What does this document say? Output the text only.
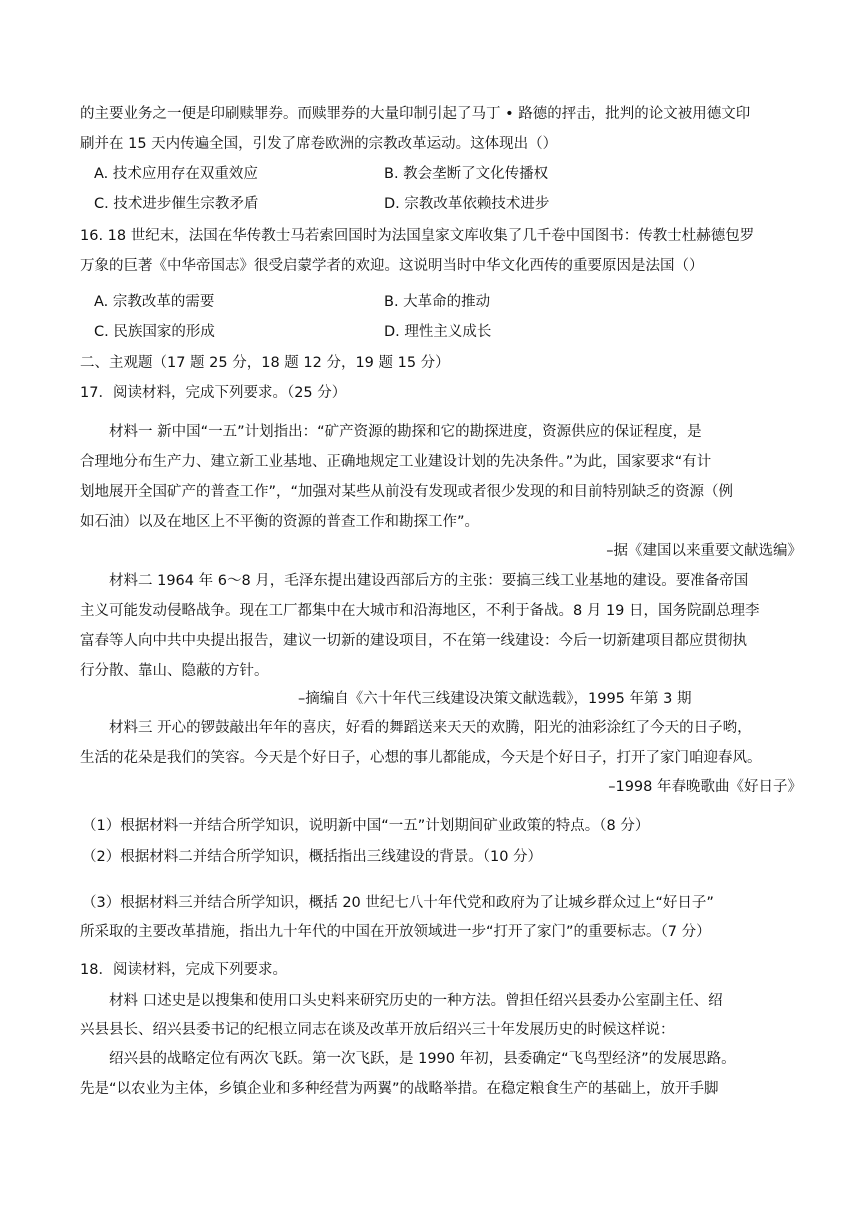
的主要业务之一便是印刷赎罪券。而赎罪券的大量印制引起了马丁 • 路德的抨击，批判的论文被用德文印
刷并在 15 天内传遍全国，引发了席卷欧洲的宗教改革运动。这体现出（）
A. 技术应用存在双重效应	B. 教会垄断了文化传播权
C. 技术进步催生宗教矛盾	D. 宗教改革依赖技术进步
16. 18 世纪末，法国在华传教士马若索回国时为法国皇家文库收集了几千卷中国图书：传教士杜赫德包罗
万象的巨著《中华帝国志》很受启蒙学者的欢迎。这说明当时中华文化西传的重要原因是法国（）
A. 宗教改革的需要	B. 大革命的推动
C. 民族国家的形成	D. 理性主义成长
二、主观题（17 题 25 分，18 题 12 分，19 题 15 分）
17．阅读材料，完成下列要求。（25 分）
材料一 新中国“一五”计划指出：“矿产资源的勘探和它的勘探进度，资源供应的保证程度，是
合理地分布生产力、建立新工业基地、正确地规定工业建设计划的先决条件。”为此，国家要求“有计
划地展开全国矿产的普查工作”，“加强对某些从前没有发现或者很少发现的和目前特别缺乏的资源（例
如石油）以及在地区上不平衡的资源的普查工作和勘探工作”。
–据《建国以来重要文献选编》
材料二 1964 年 6～8 月，毛泽东提出建设西部后方的主张：要搞三线工业基地的建设。要准备帝国
主义可能发动侵略战争。现在工厂都集中在大城市和沿海地区，不利于备战。8 月 19 日，国务院副总理李
富春等人向中共中央提出报告，建议一切新的建设项目，不在第一线建设：今后一切新建项目都应贯彻执
行分散、靠山、隐蔽的方针。
–摘编自《六十年代三线建设决策文献选载》，1995 年第 3 期
材料三 开心的锣鼓敲出年年的喜庆，好看的舞蹈送来天天的欢腾，阳光的油彩涂红了今天的日子哟，
生活的花朵是我们的笑容。今天是个好日子，心想的事儿都能成，今天是个好日子，打开了家门咱迎春风。
–1998 年春晚歌曲《好日子》
（1）根据材料一并结合所学知识，说明新中国“一五”计划期间矿业政策的特点。（8 分）
（2）根据材料二并结合所学知识，概括指出三线建设的背景。（10 分）
（3）根据材料三并结合所学知识，概括 20 世纪七八十年代党和政府为了让城乡群众过上“好日子”
所采取的主要改革措施，指出九十年代的中国在开放领域进一步“打开了家门”的重要标志。（7 分）
18．阅读材料，完成下列要求。
材料 口述史是以搜集和使用口头史料来研究历史的一种方法。曾担任绍兴县委办公室副主任、绍
兴县县长、绍兴县委书记的纪根立同志在谈及改革开放后绍兴三十年发展历史的时候这样说：
绍兴县的战略定位有两次飞跃。第一次飞跃，是 1990 年初，县委确定“飞鸟型经济”的发展思路。
先是“以农业为主体，乡镇企业和多种经营为两翼”的战略举措。在稳定粮食生产的基础上，放开手脚
